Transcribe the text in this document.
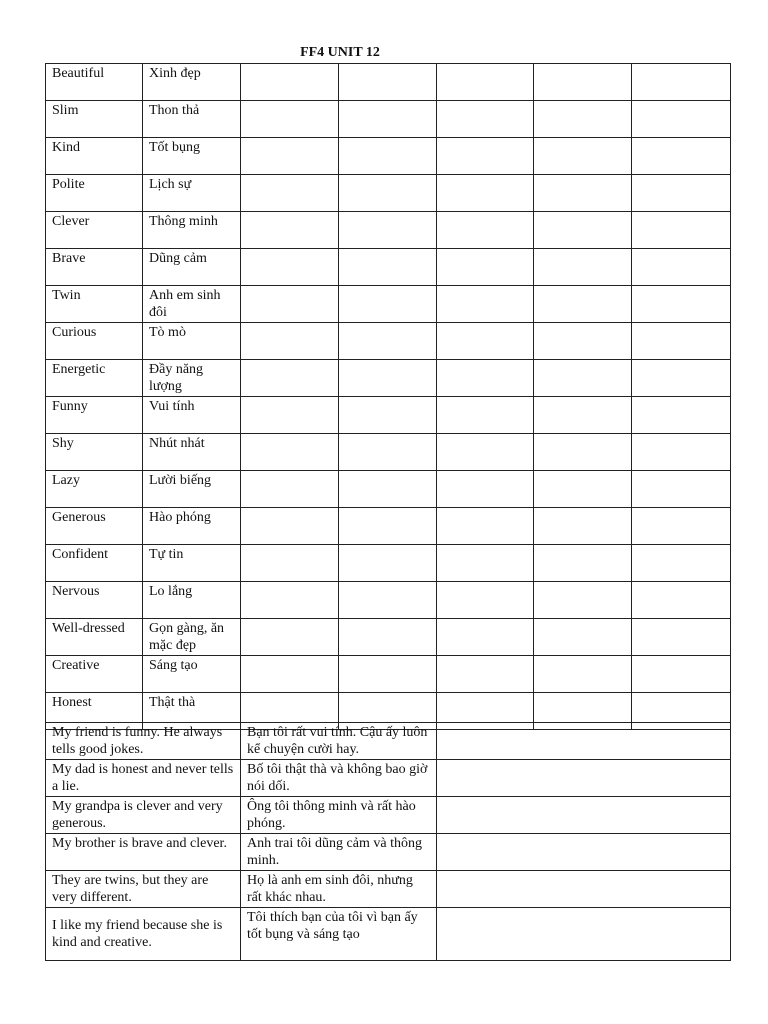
FF4 UNIT 12
Beautiful	Xinh đẹp					
Slim	Thon thả					
Kind	Tốt bụng					
Polite	Lịch sự					
Clever	Thông minh					
Brave	Dũng cảm					
Twin	Anh em sinh đôi					
Curious	Tò mò					
Energetic	Đầy năng lượng					
Funny	Vui tính					
Shy	Nhút nhát					
Lazy	Lười biếng					
Generous	Hào phóng					
Confident	Tự tin					
Nervous	Lo lắng					
Well-dressed	Gọn gàng, ăn mặc đẹp					
Creative	Sáng tạo					
Honest	Thật thà					
My friend is funny. He always tells good jokes.	Bạn tôi rất vui tính. Cậu ấy luôn kể chuyện cười hay.	
My dad is honest and never tells a lie.	Bố tôi thật thà và không bao giờ nói dối.	
My grandpa is clever and very generous.	Ông tôi thông minh và rất hào phóng.	
My brother is brave and clever.	Anh trai tôi dũng cảm và thông minh.	
They are twins, but they are very different.	Họ là anh em sinh đôi, nhưng rất khác nhau.	
I like my friend because she is kind and creative.	Tôi thích bạn của tôi vì bạn ấy tốt bụng và sáng tạo	
